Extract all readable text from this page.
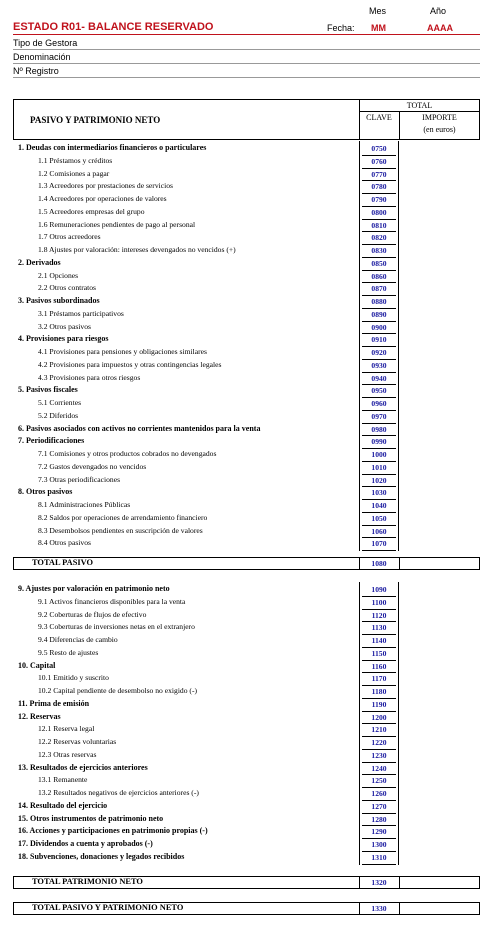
Mes	Año
ESTADO R01- BALANCE RESERVADO	Fecha: MM	AAAA
Tipo de Gestora
Denominación
Nº Registro
PASIVO Y PATRIMONIO NETO
TOTAL
CLAVE	IMPORTE
(en euros)
1. Deudas con intermediarios financieros o particulares	0750
1.1 Préstamos y créditos	0760
1.2 Comisiones a pagar	0770
1.3 Acreedores por prestaciones de servicios	0780
1.4 Acreedores por operaciones de valores	0790
1.5 Acreedores empresas del grupo	0800
1.6 Remuneraciones pendientes de pago al personal	0810
1.7 Otros acreedores	0820
1.8 Ajustes por valoración: intereses devengados no vencidos (+)	0830
2. Derivados	0850
2.1 Opciones	0860
2.2 Otros contratos	0870
3. Pasivos subordinados	0880
3.1 Préstamos participativos	0890
3.2 Otros pasivos	0900
4. Provisiones para riesgos	0910
4.1 Provisiones para pensiones y obligaciones similares	0920
4.2 Provisiones para impuestos y otras contingencias legales	0930
4.3 Provisiones para otros riesgos	0940
5. Pasivos fiscales	0950
5.1 Corrientes	0960
5.2 Diferidos	0970
6. Pasivos asociados con activos no corrientes mantenidos para la venta	0980
7. Periodificaciones	0990
7.1 Comisiones y otros productos cobrados no devengados	1000
7.2 Gastos devengados no vencidos	1010
7.3 Otras periodificaciones	1020
8. Otros pasivos	1030
8.1 Administraciones Públicas	1040
8.2 Saldos por operaciones de arrendamiento financiero	1050
8.3 Desembolsos pendientes en suscripción de valores	1060
8.4 Otros pasivos	1070
TOTAL PASIVO	1080
9. Ajustes por valoración en patrimonio neto	1090
9.1 Activos financieros disponibles para la venta	1100
9.2 Coberturas de flujos de efectivo	1120
9.3 Coberturas de inversiones netas en el extranjero	1130
9.4 Diferencias de cambio	1140
9.5 Resto de ajustes	1150
10. Capital	1160
10.1 Emitido y suscrito	1170
10.2 Capital pendiente de desembolso no exigido (-)	1180
11. Prima de emisión	1190
12. Reservas	1200
12.1 Reserva legal	1210
12.2 Reservas voluntarias	1220
12.3 Otras reservas	1230
13. Resultados de ejercicios anteriores	1240
13.1 Remanente	1250
13.2 Resultados negativos de ejercicios anteriores (-)	1260
14. Resultado del ejercicio	1270
15. Otros instrumentos de patrimonio neto	1280
16. Acciones y participaciones en patrimonio propias (-)	1290
17. Dividendos a cuenta y aprobados (-)	1300
18. Subvenciones, donaciones y legados recibidos	1310
TOTAL PATRIMONIO NETO	1320
TOTAL PASIVO Y PATRIMONIO NETO	1330
